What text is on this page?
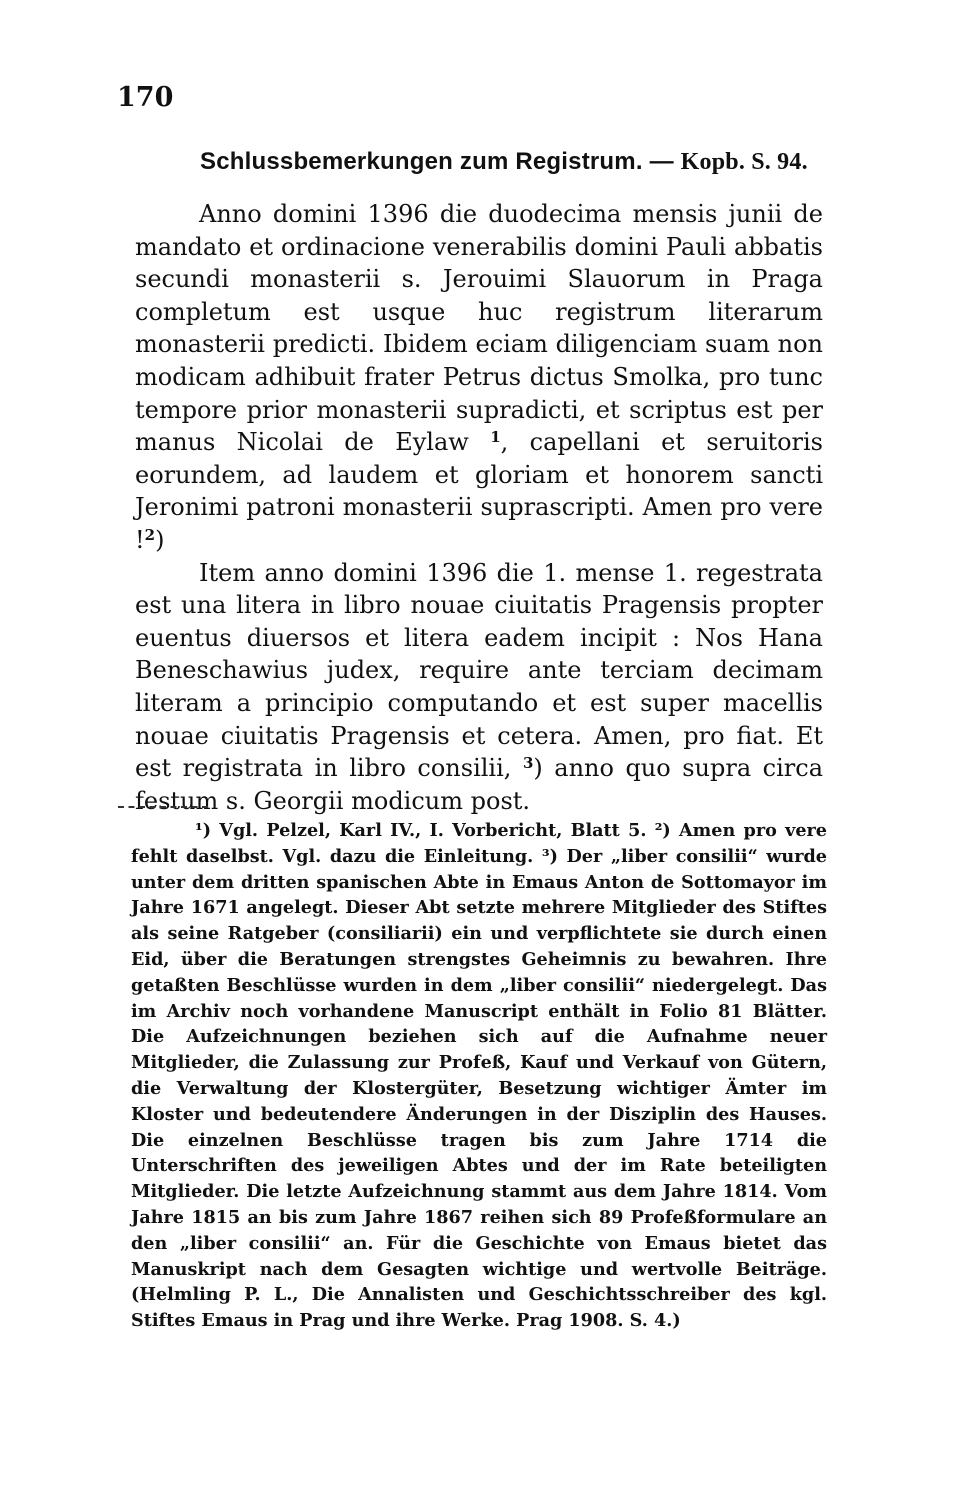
170
Schlussbemerkungen zum Registrum. — Kopb. S. 94.

Anno domini 1396 die duodecima mensis junii de mandato et ordinacione venerabilis domini Pauli abbatis secundi monasterii s. Jerouimi Slauorum in Praga completum est usque huc registrum literarum monasterii predicti. Ibidem eciam diligenciam suam non modicam adhibuit frater Petrus dictus Smolka, pro tunc tempore prior monasterii supradicti, et scriptus est per manus Nicolai de Eylaw $^1$, capellani et seruitoris eorundem, ad laudem et gloriam et honorem sancti Jeronimi patroni monasterii suprascripti. Amen pro vere !$^2$)

Item anno domini 1396 die 1. mense 1. regestrata est una litera in libro nouae ciuitatis Pragensis propter euentus diuersos et litera eadem incipit : Nos Hana Beneschawius judex, require ante terciam decimam literam a principio computando et est super macellis nouae ciuitatis Pragensis et cetera. Amen, pro fiat. Et est registrata in libro consilii, $^3$) anno quo supra circa festum s. Georgii modicum post.

¹) Vgl. Pelzel, Karl IV., I. Vorbericht, Blatt 5. ²) Amen pro vere fehlt daselbst. Vgl. dazu die Einleitung. ³) Der „liber consilii“ wurde unter dem dritten spanischen Abte in Emaus Anton de Sottomayor im Jahre 1671 angelegt. Dieser Abt setzte mehrere Mitglieder des Stiftes als seine Ratgeber (consiliarii) ein und verpflichtete sie durch einen Eid, über die Beratungen strengstes Geheimnis zu bewahren. Ihre getaßten Beschlüsse wurden in dem „liber consilii“ niedergelegt. Das im Archiv noch vorhandene Manuscript enthält in Folio 81 Blätter. Die Aufzeichnungen beziehen sich auf die Aufnahme neuer Mitglieder, die Zulassung zur Profeß, Kauf und Verkauf von Gütern, die Verwaltung der Klostergüter, Besetzung wichtiger Ämter im Kloster und bedeutendere Änderungen in der Disziplin des Hauses. Die einzelnen Beschlüsse tragen bis zum Jahre 1714 die Unterschriften des jeweiligen Abtes und der im Rate beteiligten Mitglieder. Die letzte Aufzeichnung stammt aus dem Jahre 1814. Vom Jahre 1815 an bis zum Jahre 1867 reihen sich 89 Profeßformulare an den „liber consilii“ an. Für die Geschichte von Emaus bietet das Manuskript nach dem Gesagten wichtige und wertvolle Beiträge. (Helmling P. L., Die Annalisten und Geschichtsschreiber des kgl. Stiftes Emaus in Prag und ihre Werke. Prag 1908. S. 4.)
